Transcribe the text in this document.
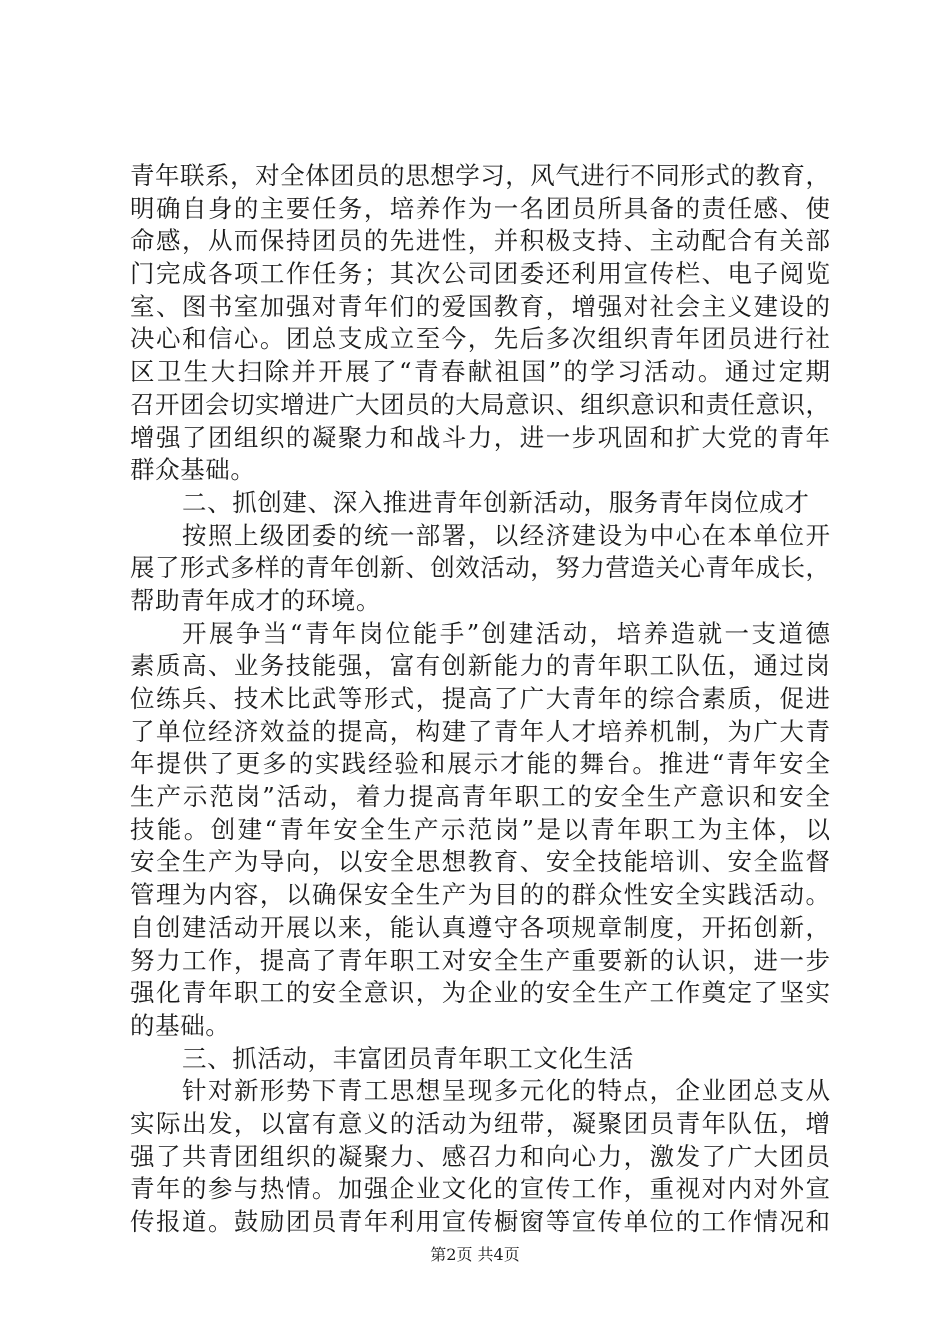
青年联系，对全体团员的思想学习，风气进行不同形式的教育，
明确自身的主要任务，培养作为一名团员所具备的责任感、使
命感，从而保持团员的先进性，并积极支持、主动配合有关部
门完成各项工作任务；其次公司团委还利用宣传栏、电子阅览
室、图书室加强对青年们的爱国教育，增强对社会主义建设的
决心和信心。团总支成立至今，先后多次组织青年团员进行社
区卫生大扫除并开展了“青春献祖国”的学习活动。通过定期
召开团会切实增进广大团员的大局意识、组织意识和责任意识，
增强了团组织的凝聚力和战斗力，进一步巩固和扩大党的青年
群众基础。
二、抓创建、深入推进青年创新活动，服务青年岗位成才
按照上级团委的统一部署，以经济建设为中心在本单位开
展了形式多样的青年创新、创效活动，努力营造关心青年成长，
帮助青年成才的环境。
开展争当“青年岗位能手”创建活动，培养造就一支道德
素质高、业务技能强，富有创新能力的青年职工队伍，通过岗
位练兵、技术比武等形式，提高了广大青年的综合素质，促进
了单位经济效益的提高，构建了青年人才培养机制，为广大青
年提供了更多的实践经验和展示才能的舞台。推进“青年安全
生产示范岗”活动，着力提高青年职工的安全生产意识和安全
技能。创建“青年安全生产示范岗”是以青年职工为主体，以
安全生产为导向，以安全思想教育、安全技能培训、安全监督
管理为内容，以确保安全生产为目的的群众性安全实践活动。
自创建活动开展以来，能认真遵守各项规章制度，开拓创新，
努力工作，提高了青年职工对安全生产重要新的认识，进一步
强化青年职工的安全意识，为企业的安全生产工作奠定了坚实
的基础。
三、抓活动，丰富团员青年职工文化生活
针对新形势下青工思想呈现多元化的特点，企业团总支从
实际出发，以富有意义的活动为纽带，凝聚团员青年队伍，增
强了共青团组织的凝聚力、感召力和向心力，激发了广大团员
青年的参与热情。加强企业文化的宣传工作，重视对内对外宣
传报道。鼓励团员青年利用宣传橱窗等宣传单位的工作情况和
第2页 共4页
